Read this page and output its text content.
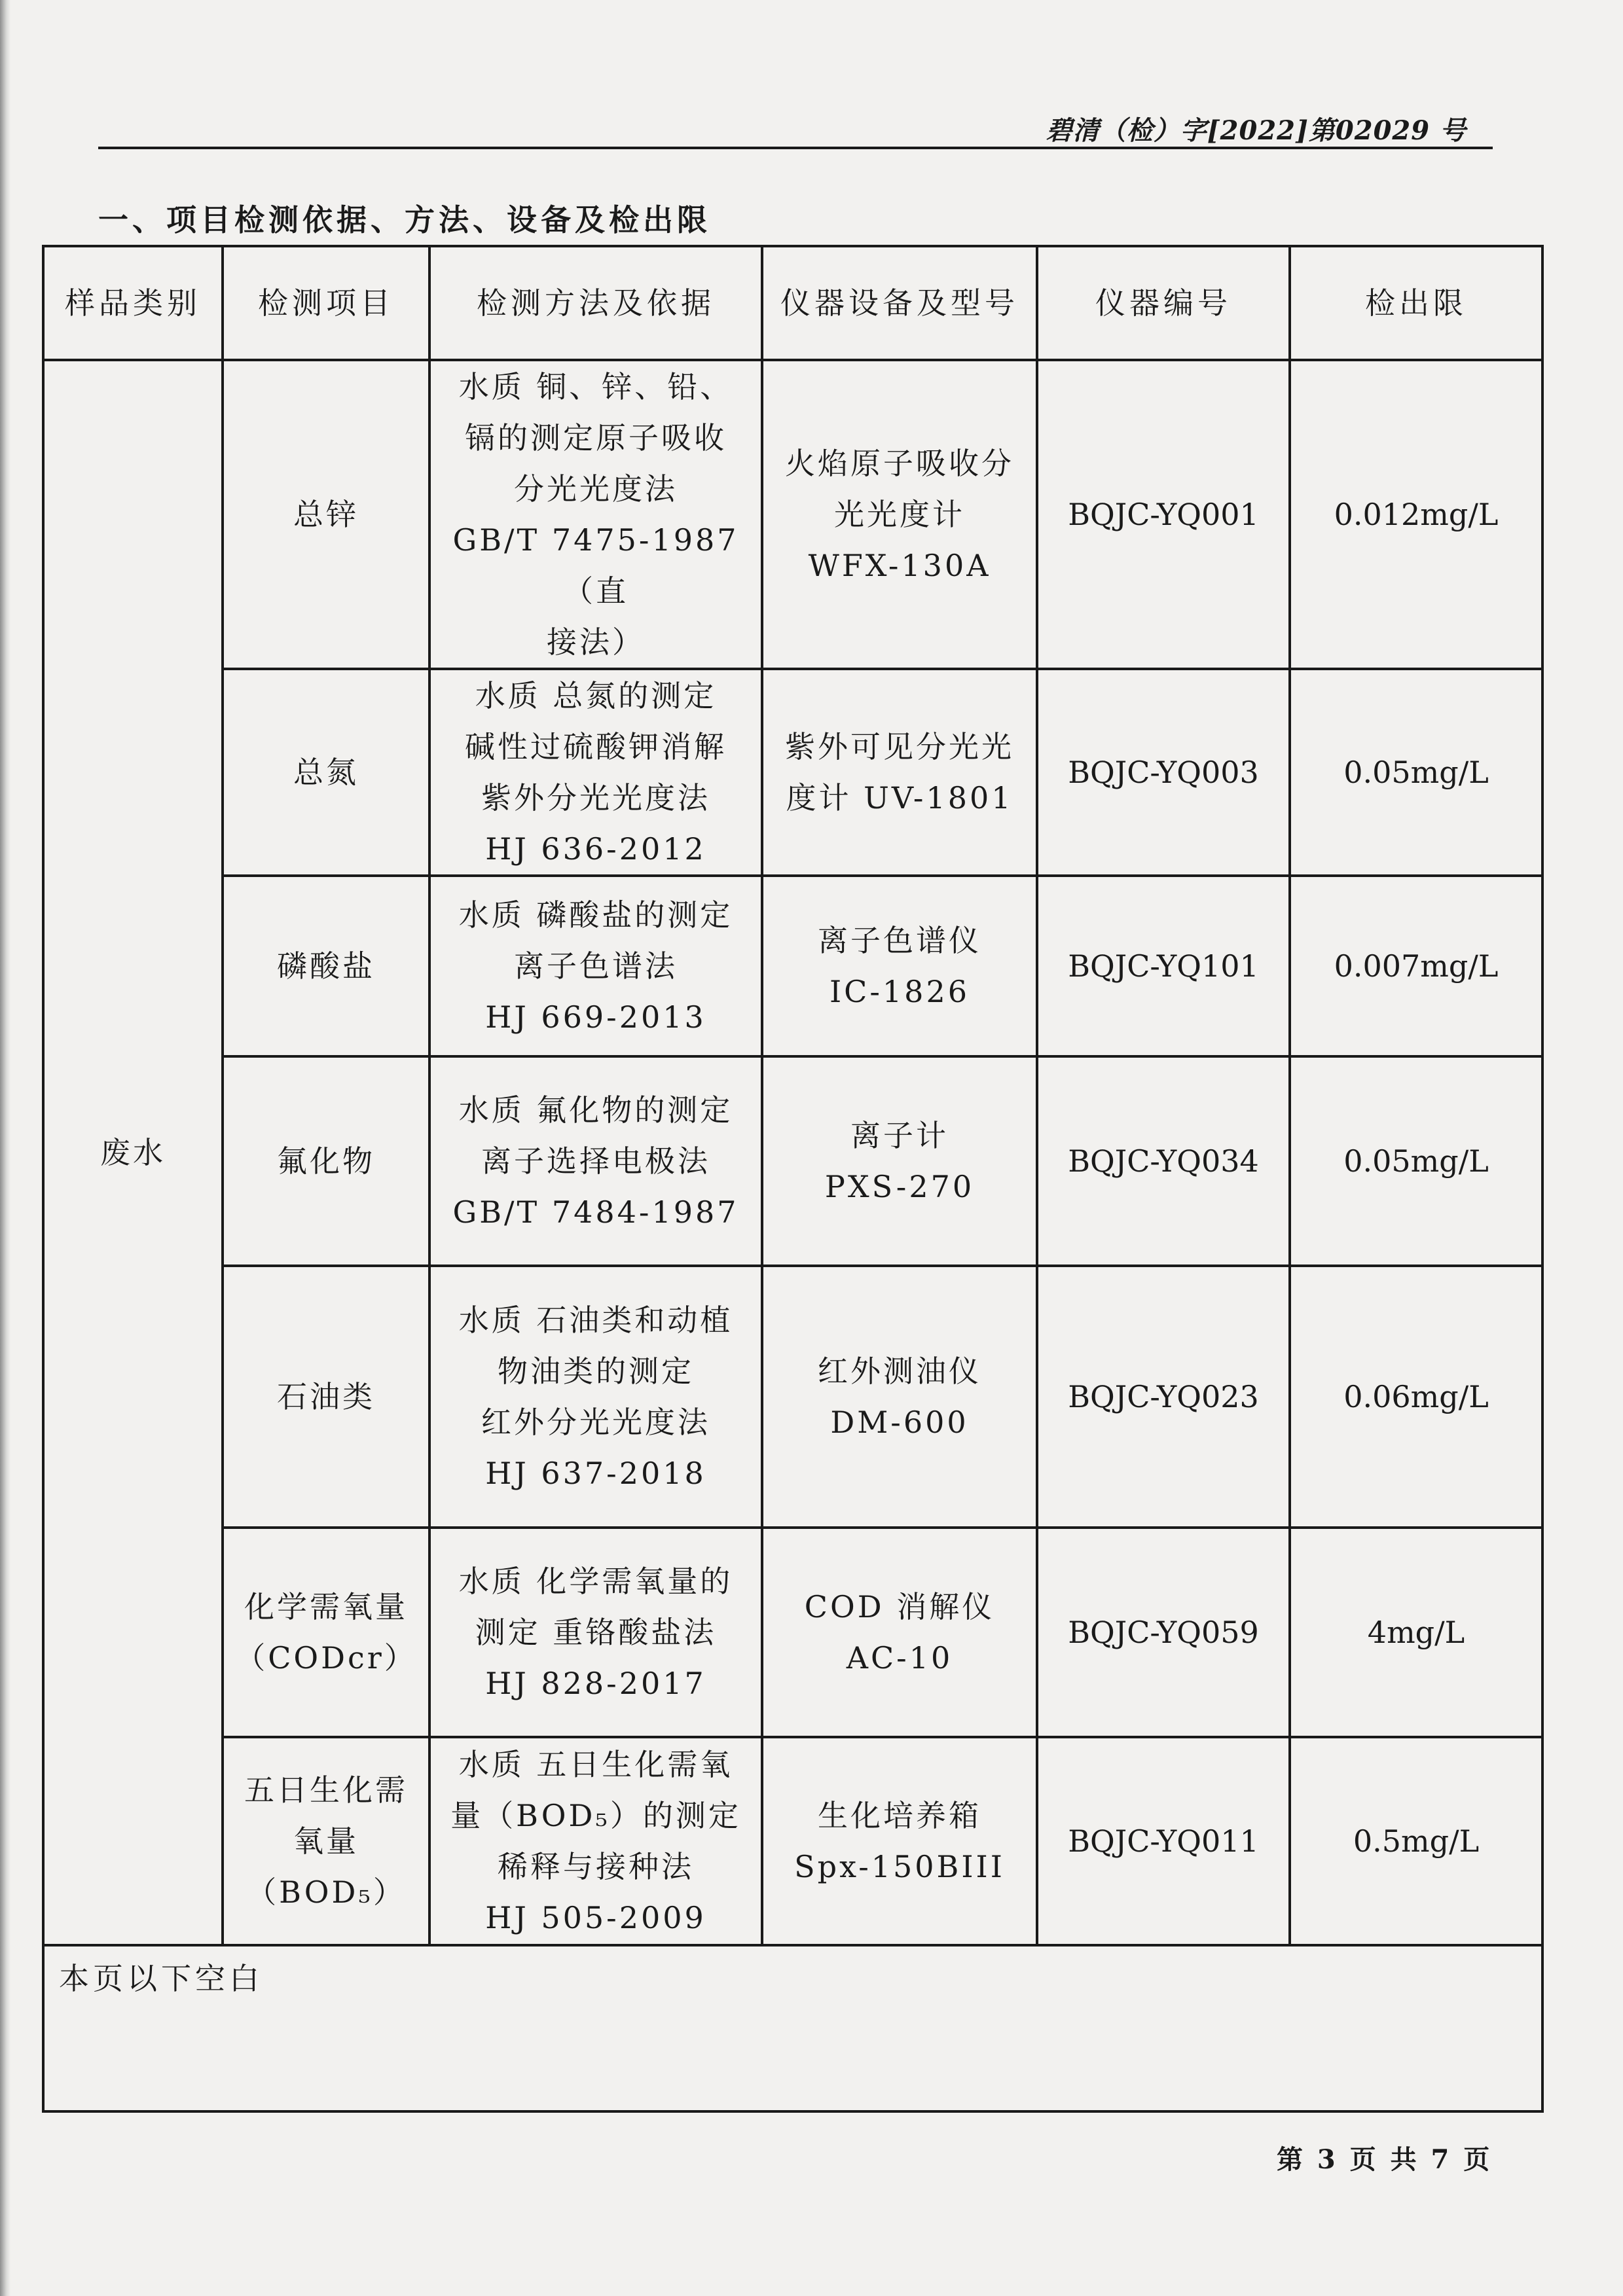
碧清（检）字[2022]第02029 号
一、项目检测依据、方法、设备及检出限
样品类别	检测项目	检测方法及依据	仪器设备及型号	仪器编号	检出限
废水	总锌	水质 铜、锌、铅、
镉的测定原子吸收
分光光度法
GB/T 7475-1987（直
接法）	火焰原子吸收分
光光度计
WFX-130A	BQJC-YQ001	0.012mg/L
	总氮	水质 总氮的测定
碱性过硫酸钾消解
紫外分光光度法
HJ 636-2012	紫外可见分光光
度计 UV-1801	BQJC-YQ003	0.05mg/L
	磷酸盐	水质 磷酸盐的测定
离子色谱法
HJ 669-2013	离子色谱仪
IC-1826	BQJC-YQ101	0.007mg/L
	氟化物	水质 氟化物的测定
离子选择电极法
GB/T 7484-1987	离子计
PXS-270	BQJC-YQ034	0.05mg/L
	石油类	水质 石油类和动植
物油类的测定
红外分光光度法
HJ 637-2018	红外测油仪
DM-600	BQJC-YQ023	0.06mg/L
	化学需氧量
（CODcr）	水质 化学需氧量的
测定 重铬酸盐法
HJ 828-2017	COD 消解仪
AC-10	BQJC-YQ059	4mg/L
	五日生化需
氧量
（BOD₅）	水质 五日生化需氧
量（BOD₅）的测定
稀释与接种法
HJ 505-2009	生化培养箱
Spx-150BIII	BQJC-YQ011	0.5mg/L
本页以下空白					
第 3 页 共 7 页
